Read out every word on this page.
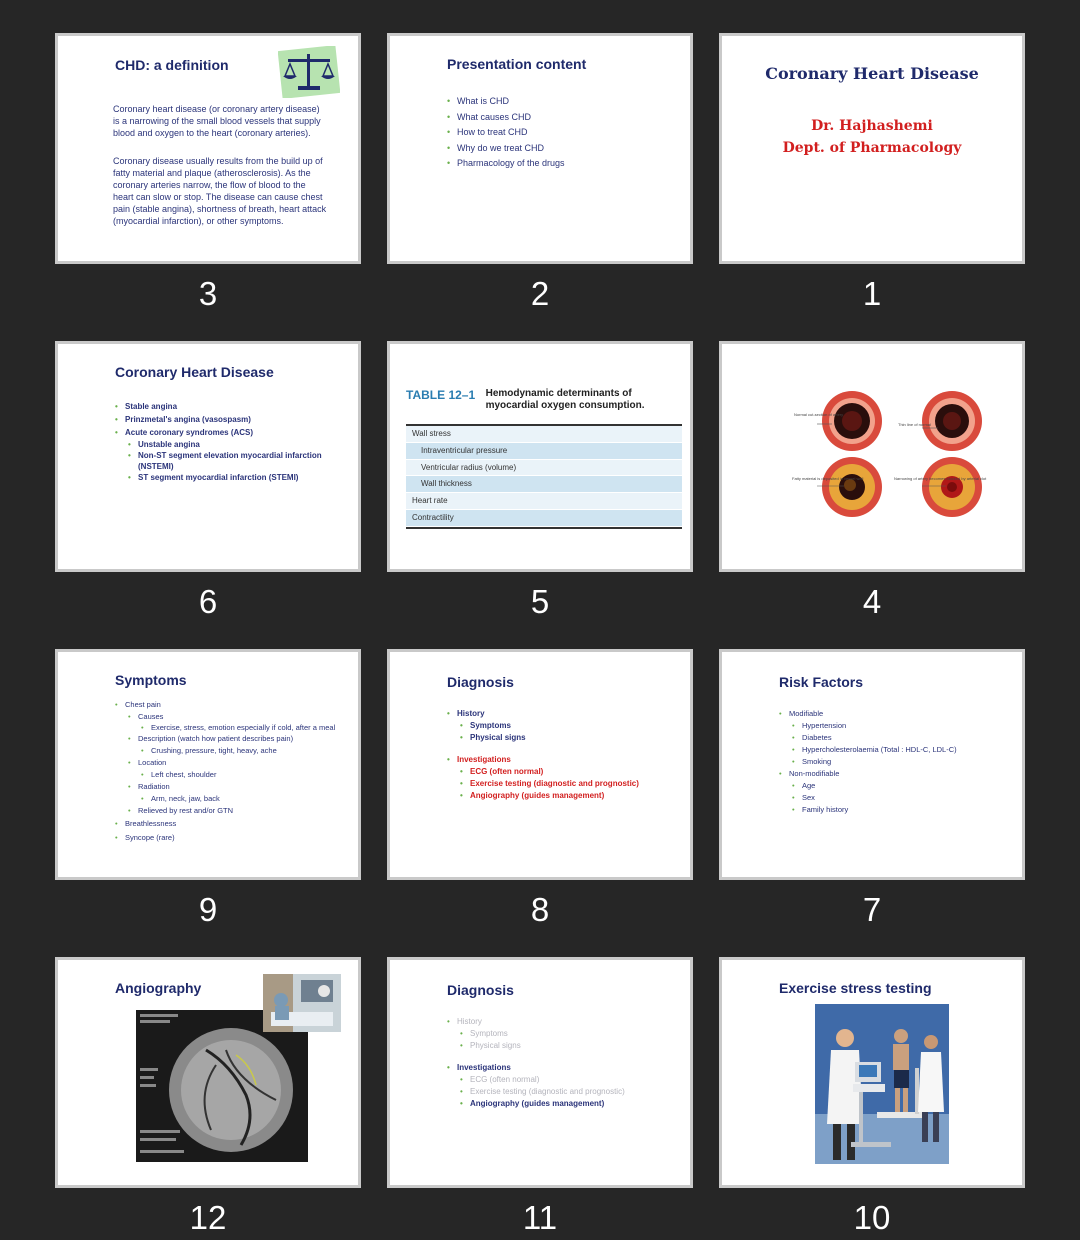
CHD: a definition

Coronary heart disease (or coronary artery disease) is a narrowing of the small blood vessels that supply blood and oxygen to the heart (coronary arteries).

Coronary disease usually results from the build up of fatty material and plaque (atherosclerosis). As the coronary arteries narrow, the flow of blood to the heart can slow or stop. The disease can cause chest pain (stable angina), shortness of breath, heart attack (myocardial infarction), or other symptoms.

3
Presentation content
• What is CHD
• What causes CHD
• How to treat CHD
• Why do we treat CHD
• Pharmacology of the drugs
2
Coronary Heart Disease
Dr. Hajhashemi
Dept. of Pharmacology
1
Coronary Heart Disease
• Stable angina
• Prinzmetal's angina (vasospasm)
• Acute coronary syndromes (ACS)
• Unstable angina
• Non-ST segment elevation myocardial infarction (NSTEMI)
• ST segment myocardial infarction (STEMI)
6
TABLE 12–1 Hemodynamic determinants of myocardial oxygen consumption.
Wall stress
Intraventricular pressure
Ventricular radius (volume)
Wall thickness
Heart rate
Contractility
5
Normal cut-section of artery
Thin line of normal
Fatty material is deposited in vessel wall	Narrowing of artery becomes blocked by arterial clot
4
Symptoms
• Chest pain
• Causes
• Exercise, stress, emotion especially if cold, after a meal
• Description (watch how patient describes pain)
• Crushing, pressure, tight, heavy, ache
• Location
• Left chest, shoulder
• Radiation
• Arm, neck, jaw, back
• Relieved by rest and/or GTN
• Breathlessness
• Syncope (rare)
9
Diagnosis
• History
• Symptoms
• Physical signs
• Investigations
• ECG (often normal)
• Exercise testing (diagnostic and prognostic)
• Angiography (guides management)
8
Risk Factors
• Modifiable
• Hypertension
• Diabetes
• Hypercholesterolaemia (Total : HDL-C, LDL-C)
• Smoking
• Non-modifiable
• Age
• Sex
• Family history
7
Angiography
12
Diagnosis
• History
• Symptoms
• Physical signs
• Investigations
• ECG (often normal)
• Exercise testing (diagnostic and prognostic)
• Angiography (guides management)
11
Exercise stress testing
10
